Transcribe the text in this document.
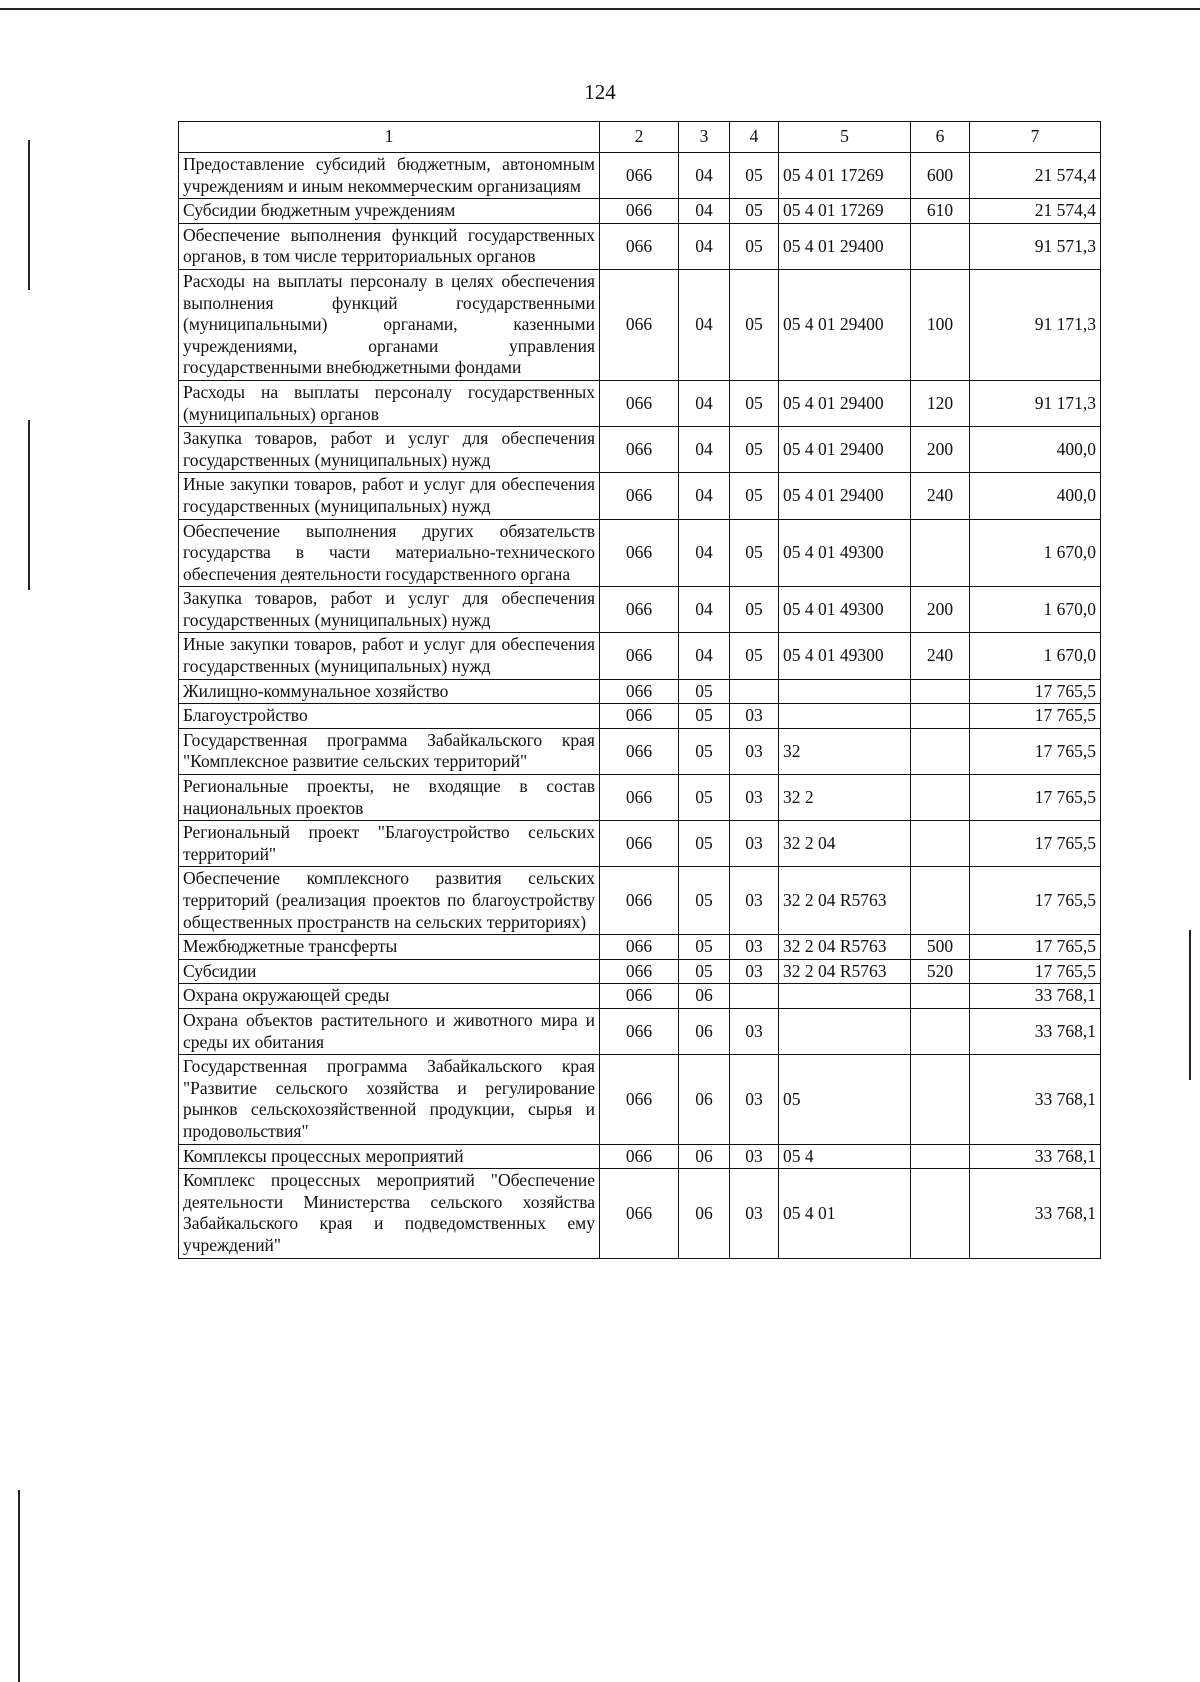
124
1	2	3	4	5	6	7
Предоставление субсидий бюджетным, автономным учреждениям и иным некоммерческим организациям	066	04	05	05 4 01 17269	600	21 574,4
Субсидии бюджетным учреждениям	066	04	05	05 4 01 17269	610	21 574,4
Обеспечение выполнения функций государственных органов, в том числе территориальных органов	066	04	05	05 4 01 29400		91 571,3
Расходы на выплаты персоналу в целях обеспечения выполнения функций государственными (муниципальными) органами, казенными учреждениями, органами управления государственными внебюджетными фондами	066	04	05	05 4 01 29400	100	91 171,3
Расходы на выплаты персоналу государственных (муниципальных) органов	066	04	05	05 4 01 29400	120	91 171,3
Закупка товаров, работ и услуг для обеспечения государственных (муниципальных) нужд	066	04	05	05 4 01 29400	200	400,0
Иные закупки товаров, работ и услуг для обеспечения государственных (муниципальных) нужд	066	04	05	05 4 01 29400	240	400,0
Обеспечение выполнения других обязательств государства в части материально-технического обеспечения деятельности государственного органа	066	04	05	05 4 01 49300		1 670,0
Закупка товаров, работ и услуг для обеспечения государственных (муниципальных) нужд	066	04	05	05 4 01 49300	200	1 670,0
Иные закупки товаров, работ и услуг для обеспечения государственных (муниципальных) нужд	066	04	05	05 4 01 49300	240	1 670,0
Жилищно-коммунальное хозяйство	066	05				17 765,5
Благоустройство	066	05	03			17 765,5
Государственная программа Забайкальского края "Комплексное развитие сельских территорий"	066	05	03	32		17 765,5
Региональные проекты, не входящие в состав национальных проектов	066	05	03	32 2		17 765,5
Региональный проект "Благоустройство сельских территорий"	066	05	03	32 2 04		17 765,5
Обеспечение комплексного развития сельских территорий (реализация проектов по благоустройству общественных пространств на сельских территориях)	066	05	03	32 2 04 R5763		17 765,5
Межбюджетные трансферты	066	05	03	32 2 04 R5763	500	17 765,5
Субсидии	066	05	03	32 2 04 R5763	520	17 765,5
Охрана окружающей среды	066	06				33 768,1
Охрана объектов растительного и животного мира и среды их обитания	066	06	03			33 768,1
Государственная программа Забайкальского края "Развитие сельского хозяйства и регулирование рынков сельскохозяйственной продукции, сырья и продовольствия"	066	06	03	05		33 768,1
Комплексы процессных мероприятий	066	06	03	05 4		33 768,1
Комплекс процессных мероприятий "Обеспечение деятельности Министерства сельского хозяйства Забайкальского края и подведомственных ему учреждений"	066	06	03	05 4 01		33 768,1
